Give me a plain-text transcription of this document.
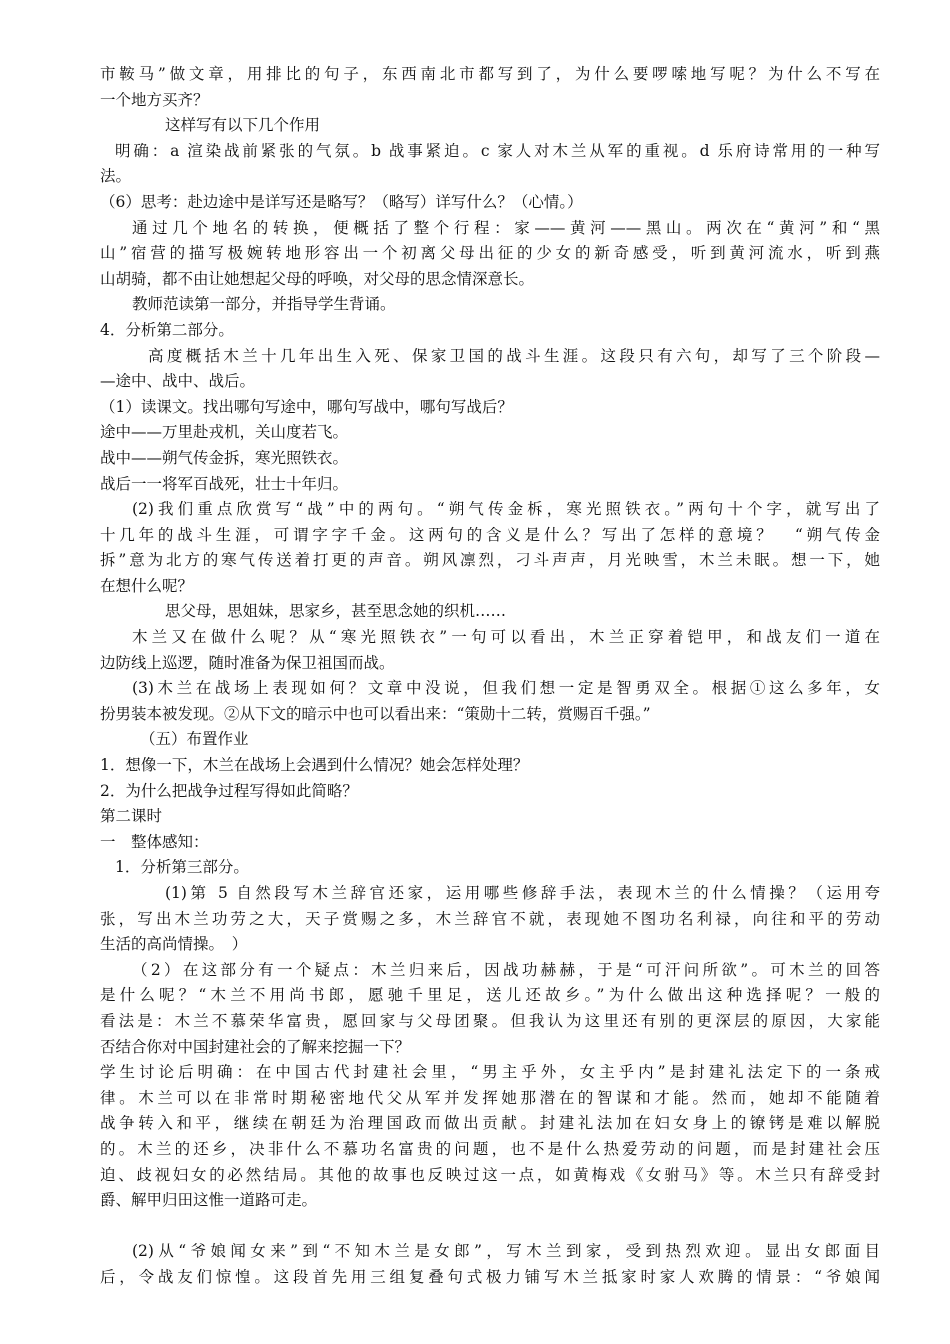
市鞍马”做文章，用排比的句子，东西南北市都写到了，为什么要啰嗦地写呢？为什么不写在
一个地方买齐？
这样写有以下几个作用
明确：a 渲染战前紧张的气氛。b 战事紧迫。c 家人对木兰从军的重视。d 乐府诗常用的一种写
法。
（6）思考：赴边途中是详写还是略写？（略写）详写什么？（心情。）
通过几个地名的转换，便概括了整个行程：家——黄河——黑山。两次在“黄河”和“黑
山”宿营的描写极婉转地形容出一个初离父母出征的少女的新奇感受，听到黄河流水，听到燕
山胡骑，都不由让她想起父母的呼唤，对父母的思念情深意长。
教师范读第一部分，并指导学生背诵。
4．分析第二部分。
高度概括木兰十几年出生入死、保家卫国的战斗生涯。这段只有六句，却写了三个阶段—
—途中、战中、战后。
（1）读课文。找出哪句写途中，哪句写战中，哪句写战后？
途中——万里赴戎机，关山度若飞。
战中——朔气传金拆，寒光照铁衣。
战后一一将军百战死，壮士十年归。
(2)我们重点欣赏写“战”中的两句。“朔气传金柝，寒光照铁衣。”两句十个字，就写出了
十几年的战斗生涯，可谓字字千金。这两句的含义是什么？写出了怎样的意境？　“朔气传金
拆”意为北方的寒气传送着打更的声音。朔风凛烈，刁斗声声，月光映雪，木兰未眠。想一下，她
在想什么呢？
思父母，思姐妹，思家乡，甚至思念她的织机……
木兰又在做什么呢？从“寒光照铁衣”一句可以看出，木兰正穿着铠甲，和战友们一道在
边防线上巡逻，随时准备为保卫祖国而战。
(3)木兰在战场上表现如何？文章中没说，但我们想一定是智勇双全。根据①这么多年，女
扮男装本被发现。②从下文的暗示中也可以看出来：“策勋十二转，赏赐百千强。”
（五）布置作业
1．想像一下，木兰在战场上会遇到什么情况？她会怎样处理？
2．为什么把战争过程写得如此简略？
第二课时
一　整体感知：
1．分析第三部分。
(1)第 5 自然段写木兰辞官还家，运用哪些修辞手法，表现木兰的什么情操？（运用夸
张，写出木兰功劳之大，天子赏赐之多，木兰辞官不就，表现她不图功名利禄，向往和平的劳动
生活的高尚情操。　）
（2）在这部分有一个疑点：木兰归来后，因战功赫赫，于是“可汗问所欲”。可木兰的回答
是什么呢？“木兰不用尚书郎，愿驰千里足，送儿还故乡。”为什么做出这种选择呢？一般的
看法是：木兰不慕荣华富贵，愿回家与父母团聚。但我认为这里还有别的更深层的原因，大家能
否结合你对中国封建社会的了解来挖掘一下？
学生讨论后明确：在中国古代封建社会里，“男主乎外，女主乎内”是封建礼法定下的一条戒
律。木兰可以在非常时期秘密地代父从军并发挥她那潜在的智谋和才能。然而，她却不能随着
战争转入和平，继续在朝廷为治理国政而做出贡献。封建礼法加在妇女身上的镣铐是难以解脱
的。木兰的还乡，决非什么不慕功名富贵的问题，也不是什么热爱劳动的问题，而是封建社会压
迫、歧视妇女的必然结局。其他的故事也反映过这一点，如黄梅戏《女驸马》等。木兰只有辞受封
爵、解甲归田这惟一道路可走。
(2)从“爷娘闻女来”到“不知木兰是女郎”，写木兰到家，受到热烈欢迎。显出女郎面目
后，令战友们惊惶。这段首先用三组复叠句式极力铺写木兰抵家时家人欢腾的情景：“爷娘闻
